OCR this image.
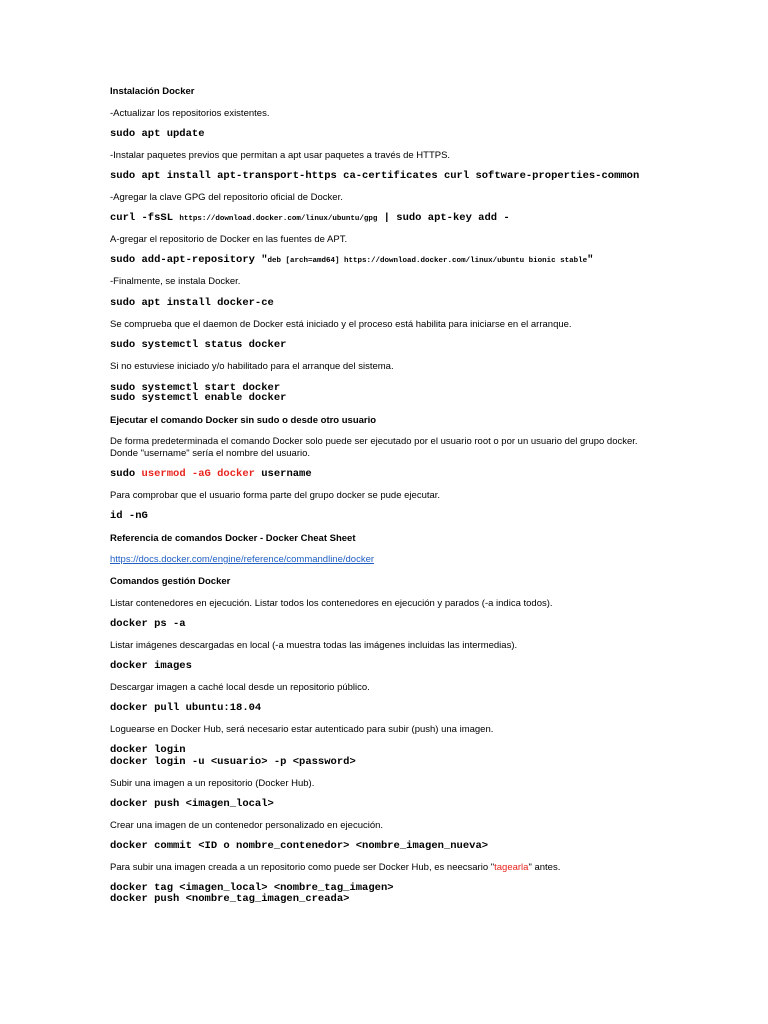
Instalación Docker
-Actualizar los repositorios existentes.
sudo apt update
-Instalar paquetes previos que permitan a apt usar paquetes a través de HTTPS.
sudo apt install apt-transport-https ca-certificates curl software-properties-common
-Agregar la clave GPG del repositorio oficial de Docker.
curl -fsSL https://download.docker.com/linux/ubuntu/gpg | sudo apt-key add -
A-gregar el repositorio de Docker en las fuentes de APT.
sudo add-apt-repository "deb [arch=amd64] https://download.docker.com/linux/ubuntu bionic stable"
-Finalmente, se instala Docker.
sudo apt install docker-ce
Se comprueba que el daemon de Docker está iniciado y el proceso está habilita para iniciarse en el arranque.
sudo systemctl status docker
Si no estuviese iniciado y/o habilitado para el arranque del sistema.
sudo systemctl start docker
sudo systemctl enable docker
Ejecutar el comando Docker sin sudo o desde otro usuario
De forma predeterminada el comando Docker solo puede ser ejecutado por el usuario root o por un usuario del grupo docker.
Donde "username" sería el nombre del usuario.
sudo usermod -aG docker username
Para comprobar que el usuario forma parte del grupo docker se pude ejecutar.
id -nG
Referencia de comandos Docker - Docker Cheat Sheet
https://docs.docker.com/engine/reference/commandline/docker
Comandos gestión Docker
Listar contenedores en ejecución. Listar todos los contenedores en ejecución y parados (-a indica todos).
docker ps -a
Listar imágenes descargadas en local (-a muestra todas las imágenes incluidas las intermedias).
docker images
Descargar imagen a caché local desde un repositorio público.
docker pull ubuntu:18.04
Loguearse en Docker Hub, será necesario estar autenticado para subir (push) una imagen.
docker login
docker login -u <usuario> -p <password>
Subir una imagen a un repositorio (Docker Hub).
docker push <imagen_local>
Crear una imagen de un contenedor personalizado en ejecución.
docker commit <ID o nombre_contenedor> <nombre_imagen_nueva>
Para subir una imagen creada a un repositorio como puede ser Docker Hub, es neecsario "tagearla" antes.
docker tag <imagen_local> <nombre_tag_imagen>
docker push <nombre_tag_imagen_creada>
